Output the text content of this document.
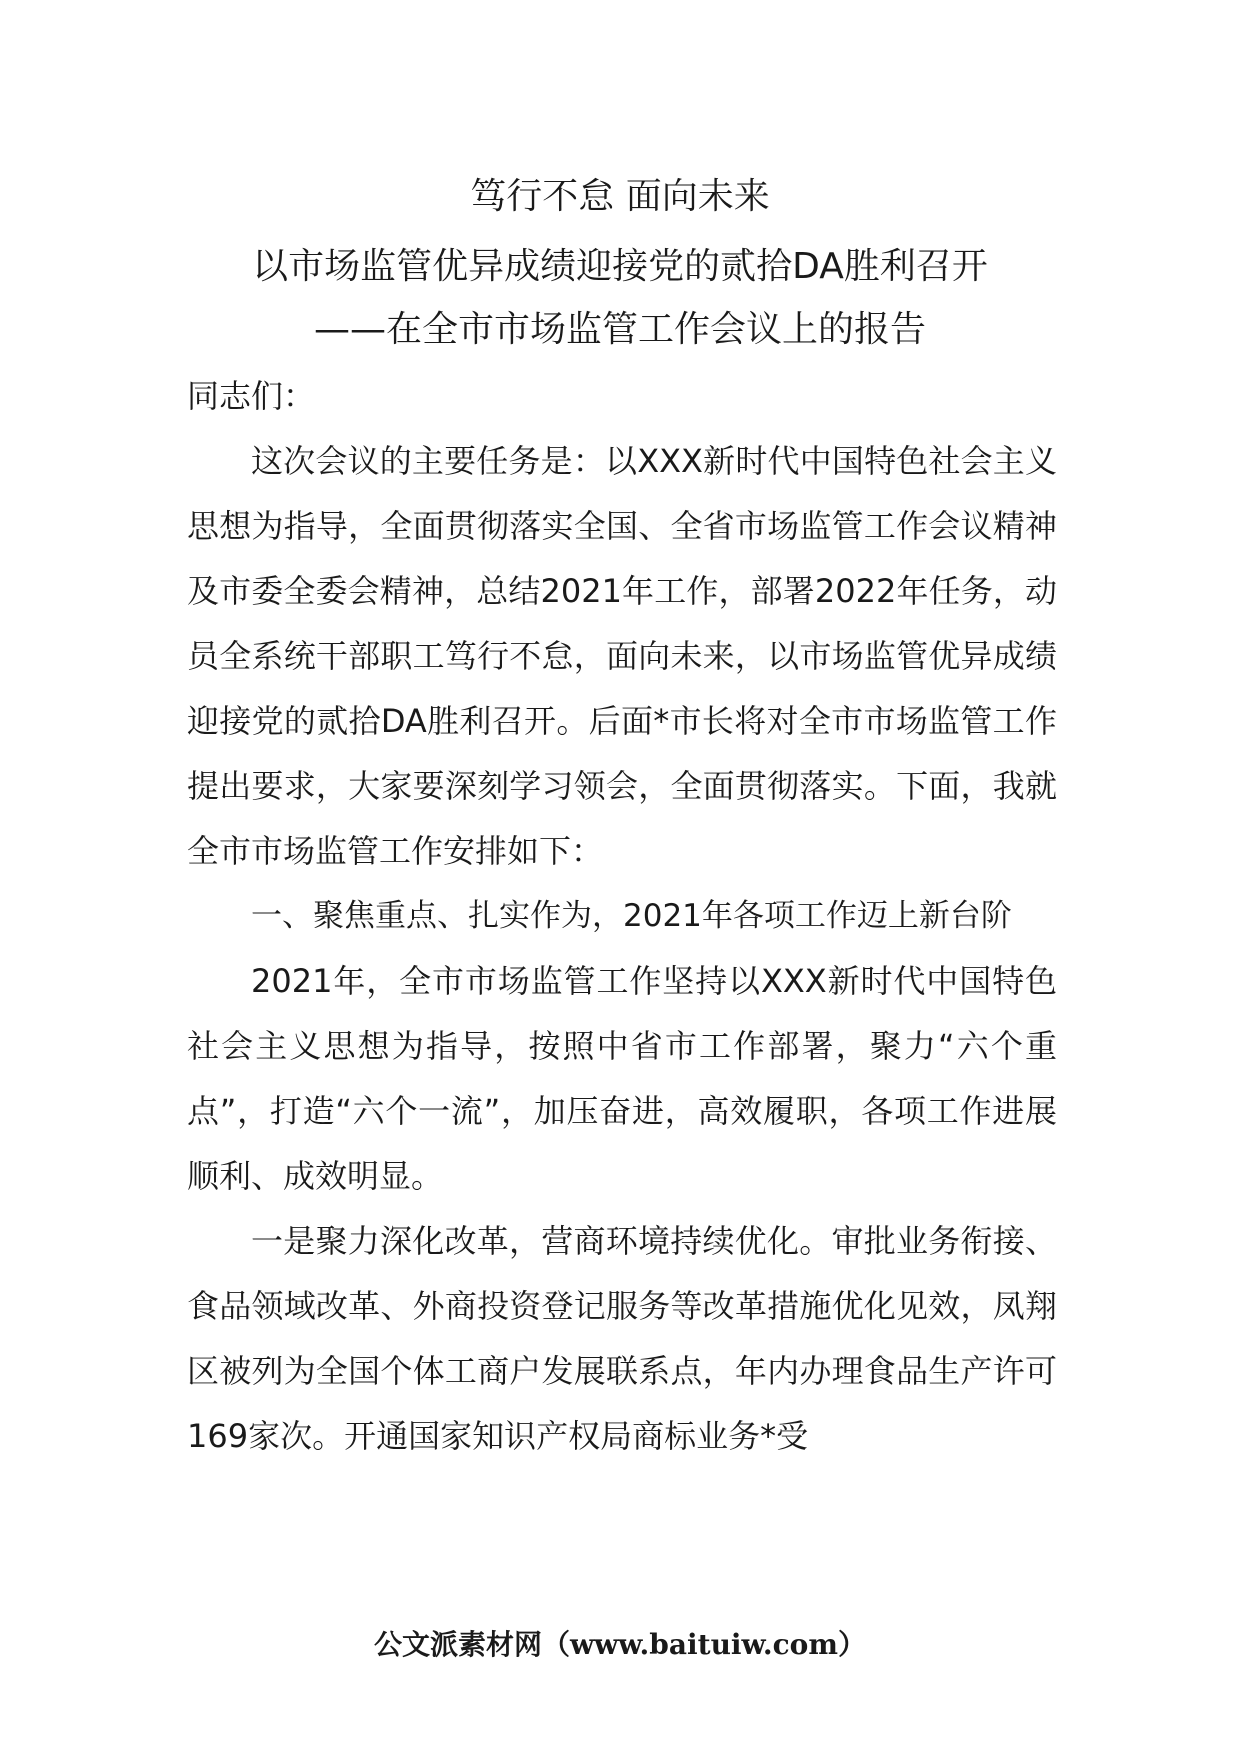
笃行不怠 面向未来
以市场监管优异成绩迎接党的贰拾DA胜利召开
——在全市市场监管工作会议上的报告

同志们：

这次会议的主要任务是：以XXX新时代中国特色社会主义思想为指导，全面贯彻落实全国、全省市场监管工作会议精神及市委全委会精神，总结2021年工作，部署2022年任务，动员全系统干部职工笃行不怠，面向未来，以市场监管优异成绩迎接党的贰拾DA胜利召开。后面*市长将对全市市场监管工作提出要求，大家要深刻学习领会，全面贯彻落实。下面，我就全市市场监管工作安排如下：

一、聚焦重点、扎实作为，2021年各项工作迈上新台阶

2021年，全市市场监管工作坚持以XXX新时代中国特色社会主义思想为指导，按照中省市工作部署，聚力“六个重点”，打造“六个一流”，加压奋进，高效履职，各项工作进展顺利、成效明显。

一是聚力深化改革，营商环境持续优化。审批业务衔接、食品领域改革、外商投资登记服务等改革措施优化见效，凤翔区被列为全国个体工商户发展联系点，年内办理食品生产许可169家次。开通国家知识产权局商标业务*受

公文派素材网（www.baituiw.com）
